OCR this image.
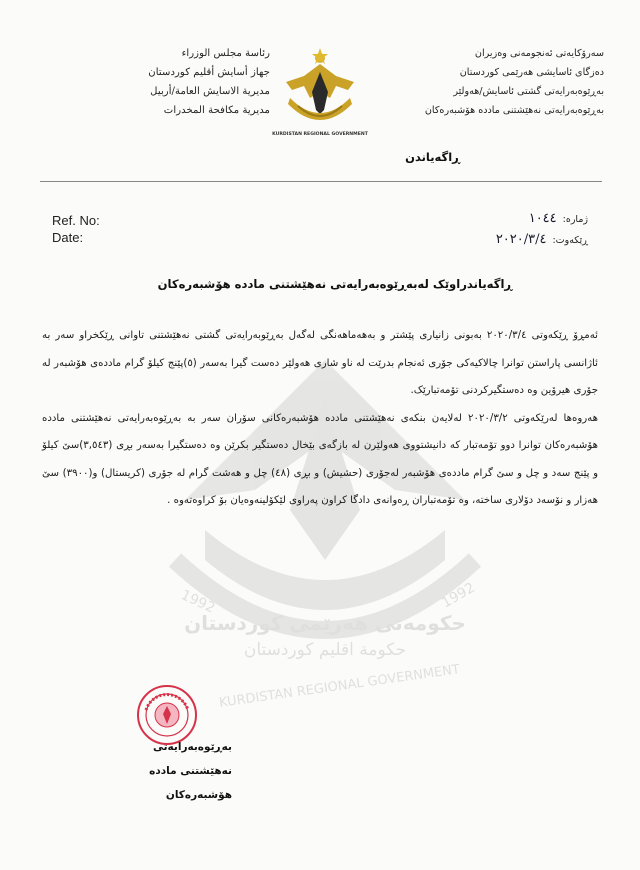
حکومەتی هەرێمی کوردستان
حكومة اقليم كوردستان
KURDISTAN REGIONAL GOVERNMENT
1992	1992
سەرۆکایەتی ئەنجومەنی وەزیران
دەزگای ئاسایشی هەرێمی کوردستان
بەڕێوەبەرایەتی گشتی ئاسایش/هەولێر
بەڕێوەبەرایەتی نەهێشتنی ماددە هۆشبەرەکان
رئاسة مجلس الوزراء
جهاز أسايش أقليم كوردستان
مديرية الاسايش العامة/أربيل
مديرية مكافحة المخدرات
KURDISTAN REGIONAL GOVERNMENT
ڕاگەیاندن
Ref. No:
Date:
ژمارە:١٠٤٤
ڕێکەوت:٢٠٢٠/٣/٤
ڕاگەیاندراوێک لەبەڕێوەبەرایەتی نەهێشتنی ماددە هۆشبەرەکان

ئەمڕۆ ڕێکەوتی ٢٠٢٠/٣/٤ بەبونی زانیاری پێشتر و بەهەماهەنگی لەگەل بەڕێوبەرایەتی گشتی نەهێشتنی تاوانی ڕێکخراو سەر بە ئاژانسی پاراستن توانرا چالاکیەکی جۆری ئەنجام بدرێت لە ناو شاری هەولێر دەست گیرا بەسەر (٥)پێنج کیلۆ گرام ماددەی هۆشبەر لە جۆری هیرۆین وە دەستگیرکردنی تۆمەتبارێک.

هەروەها لەرێکەوتی ٢٠٢٠/٣/٢ لەلایەن بنکەی نەهێشتنی ماددە هۆشبەرەکانی سۆران سەر بە بەڕێوەبەرایەتی نەهێشتنی ماددە هۆشبەرەکان توانرا دوو تۆمەتبار کە دانیشتووی هەولێرن لە بازگەی بێخال دەستگیر بکرێن وە دەستگیرا بەسەر بڕی (٣,٥٤٣)سێ کیلۆ و پێنج سەد و چل و سێ گرام ماددەی هۆشبەر لەجۆری (حشیش) و بڕی (٤٨) چل و هەشت گرام لە جۆری (کریستال) و(٣٩٠٠) سێ هەزار و نۆسەد دۆلاری ساختە، وە تۆمەتباران ڕەوانەی دادگا کراون پەراوی لێکۆلینەوەیان بۆ کراوەتەوە .

بەڕێوەبەرایەتی
نەهێشتنی ماددە هۆشبەرەکان
